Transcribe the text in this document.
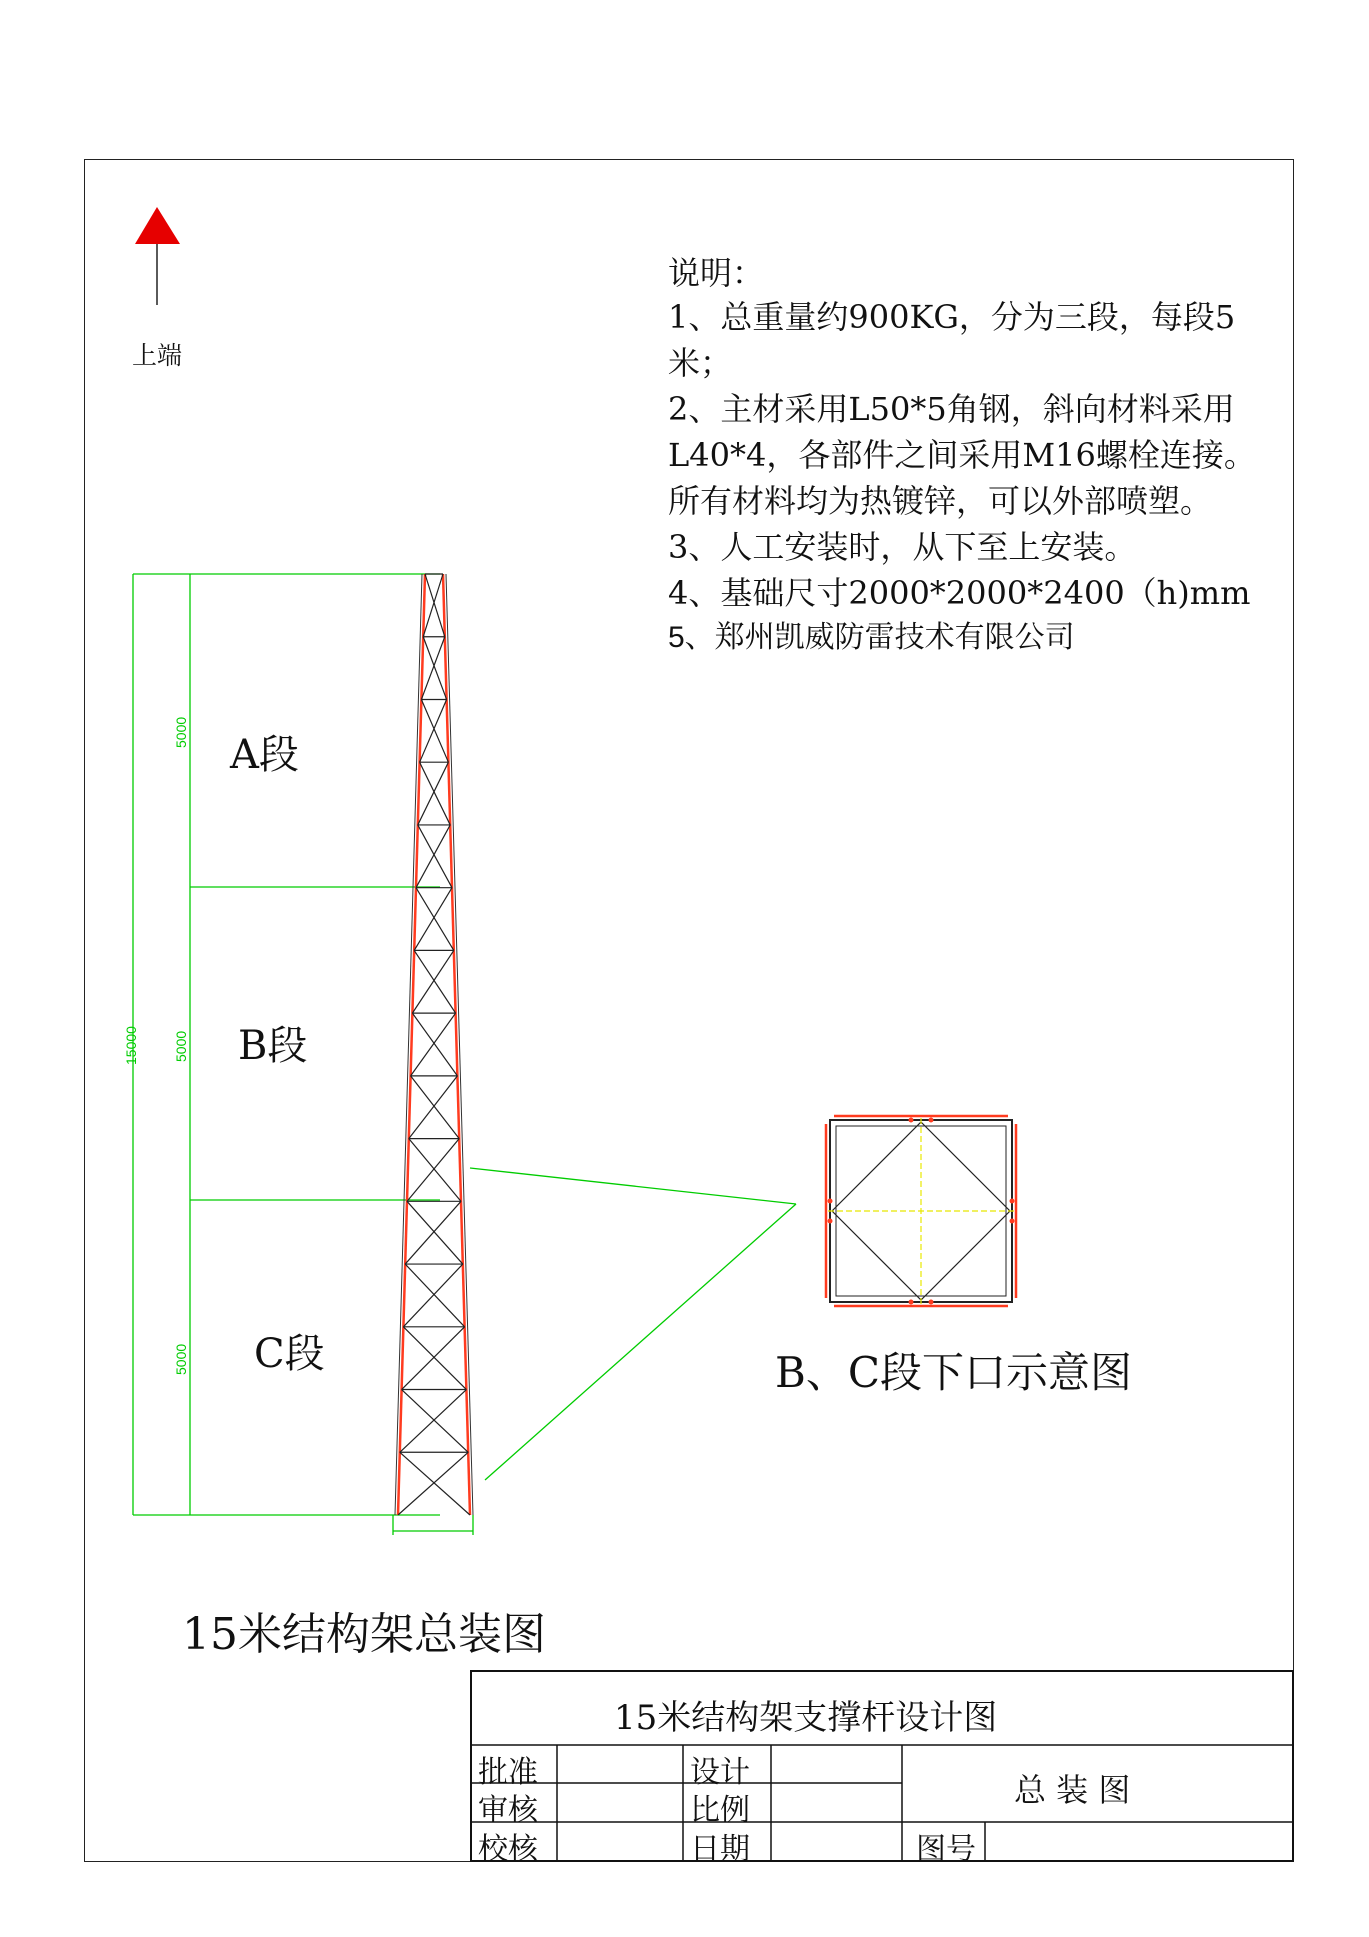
5000
5000
5000
15000
说明：
1、总重量约900KG，分为三段，每段5米；
2、主材采用L50*5角钢，斜向材料采用L40*4，各部件之间采用M16螺栓连接。所有材料均为热镀锌，可以外部喷塑。
3、人工安装时，从下至上安装。
4、基础尺寸2000*2000*2400（h)mm
5、郑州凯威防雷技术有限公司
上端
A段
B段
C段	B、C段下口示意图
15米结构架总装图
15米结构架支撑杆设计图
批准
审核
校核
设计
比例
日期
总 装 图
图号
